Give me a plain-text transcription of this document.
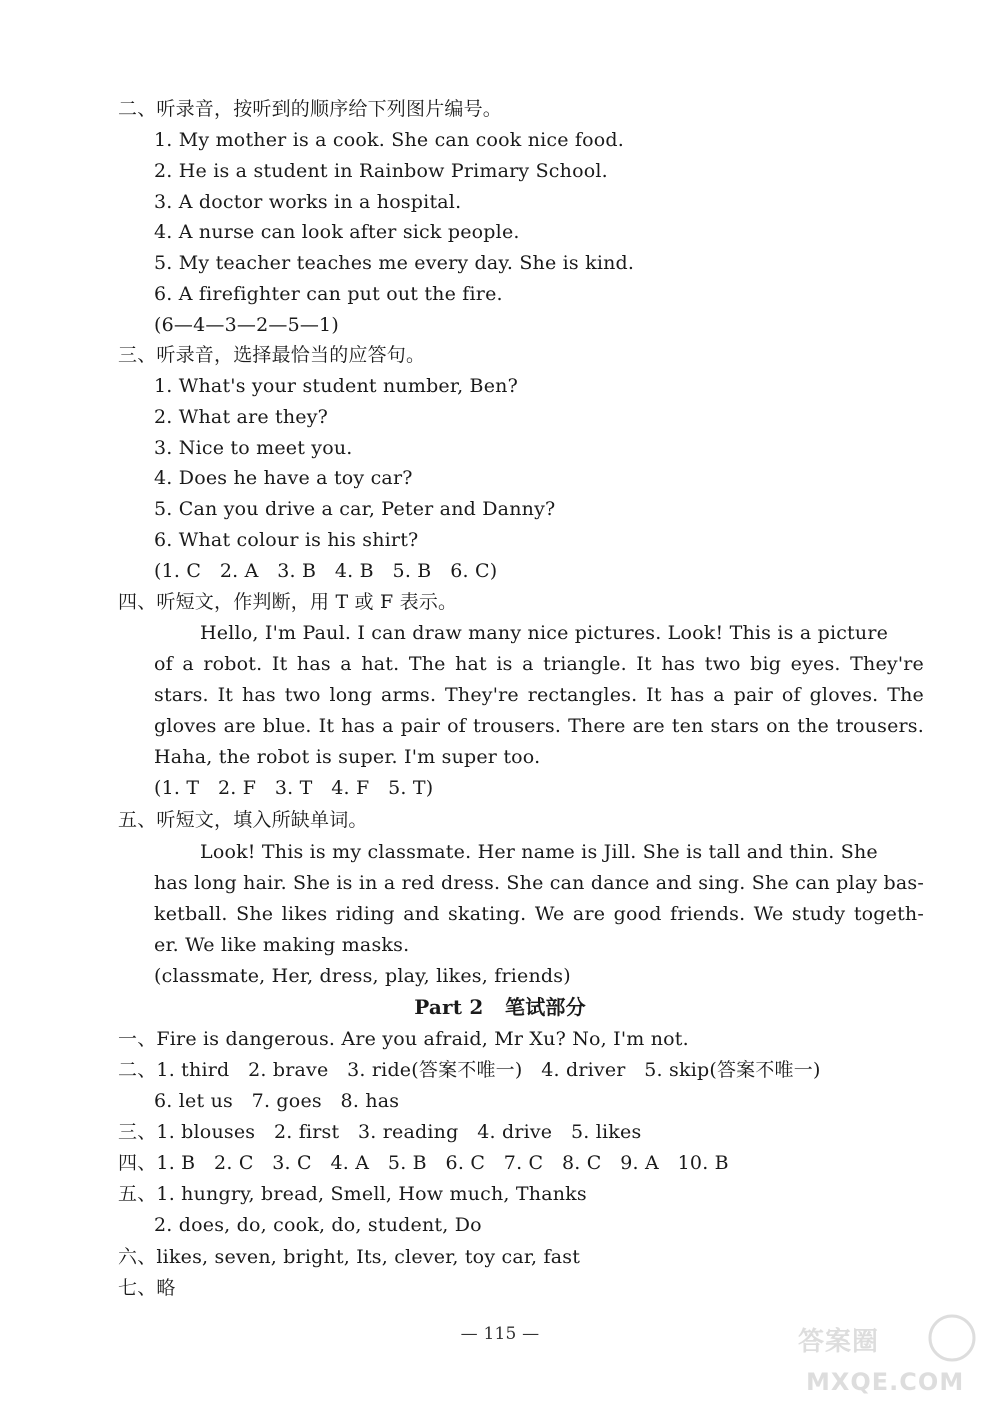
二、听录音，按听到的顺序给下列图片编号。
1. My mother is a cook. She can cook nice food.
2. He is a student in Rainbow Primary School.
3. A doctor works in a hospital.
4. A nurse can look after sick people.
5. My teacher teaches me every day. She is kind.
6. A firefighter can put out the fire.
(6—4—3—2—5—1)
三、听录音，选择最恰当的应答句。
1. What's your student number, Ben?
2. What are they?
3. Nice to meet you.
4. Does he have a toy car?
5. Can you drive a car, Peter and Danny?
6. What colour is his shirt?
(1. C   2. A   3. B   4. B   5. B   6. C)
四、听短文，作判断，用 T 或 F 表示。
Hello, I'm Paul. I can draw many nice pictures. Look! This is a picture
of a robot. It has a hat. The hat is a triangle. It has two big eyes. They're
stars. It has two long arms. They're rectangles. It has a pair of gloves. The
gloves are blue. It has a pair of trousers. There are ten stars on the trousers.
Haha, the robot is super. I'm super too.
(1. T   2. F   3. T   4. F   5. T)
五、听短文，填入所缺单词。
Look! This is my classmate. Her name is Jill. She is tall and thin. She
has long hair. She is in a red dress. She can dance and sing. She can play bas-
ketball. She likes riding and skating. We are good friends. We study togeth-
er. We like making masks.
(classmate, Her, dress, play, likes, friends)
Part 2   笔试部分
一、Fire is dangerous. Are you afraid, Mr Xu? No, I'm not.
二、1. third   2. brave   3. ride(答案不唯一)   4. driver   5. skip(答案不唯一)
6. let us   7. goes   8. has
三、1. blouses   2. first   3. reading   4. drive   5. likes
四、1. B   2. C   3. C   4. A   5. B   6. C   7. C   8. C   9. A   10. B
五、1. hungry, bread, Smell, How much, Thanks
2. does, do, cook, do, student, Do
六、likes, seven, bright, Its, clever, toy car, fast
七、略
— 115 —	答案圈
MXQE.COM
